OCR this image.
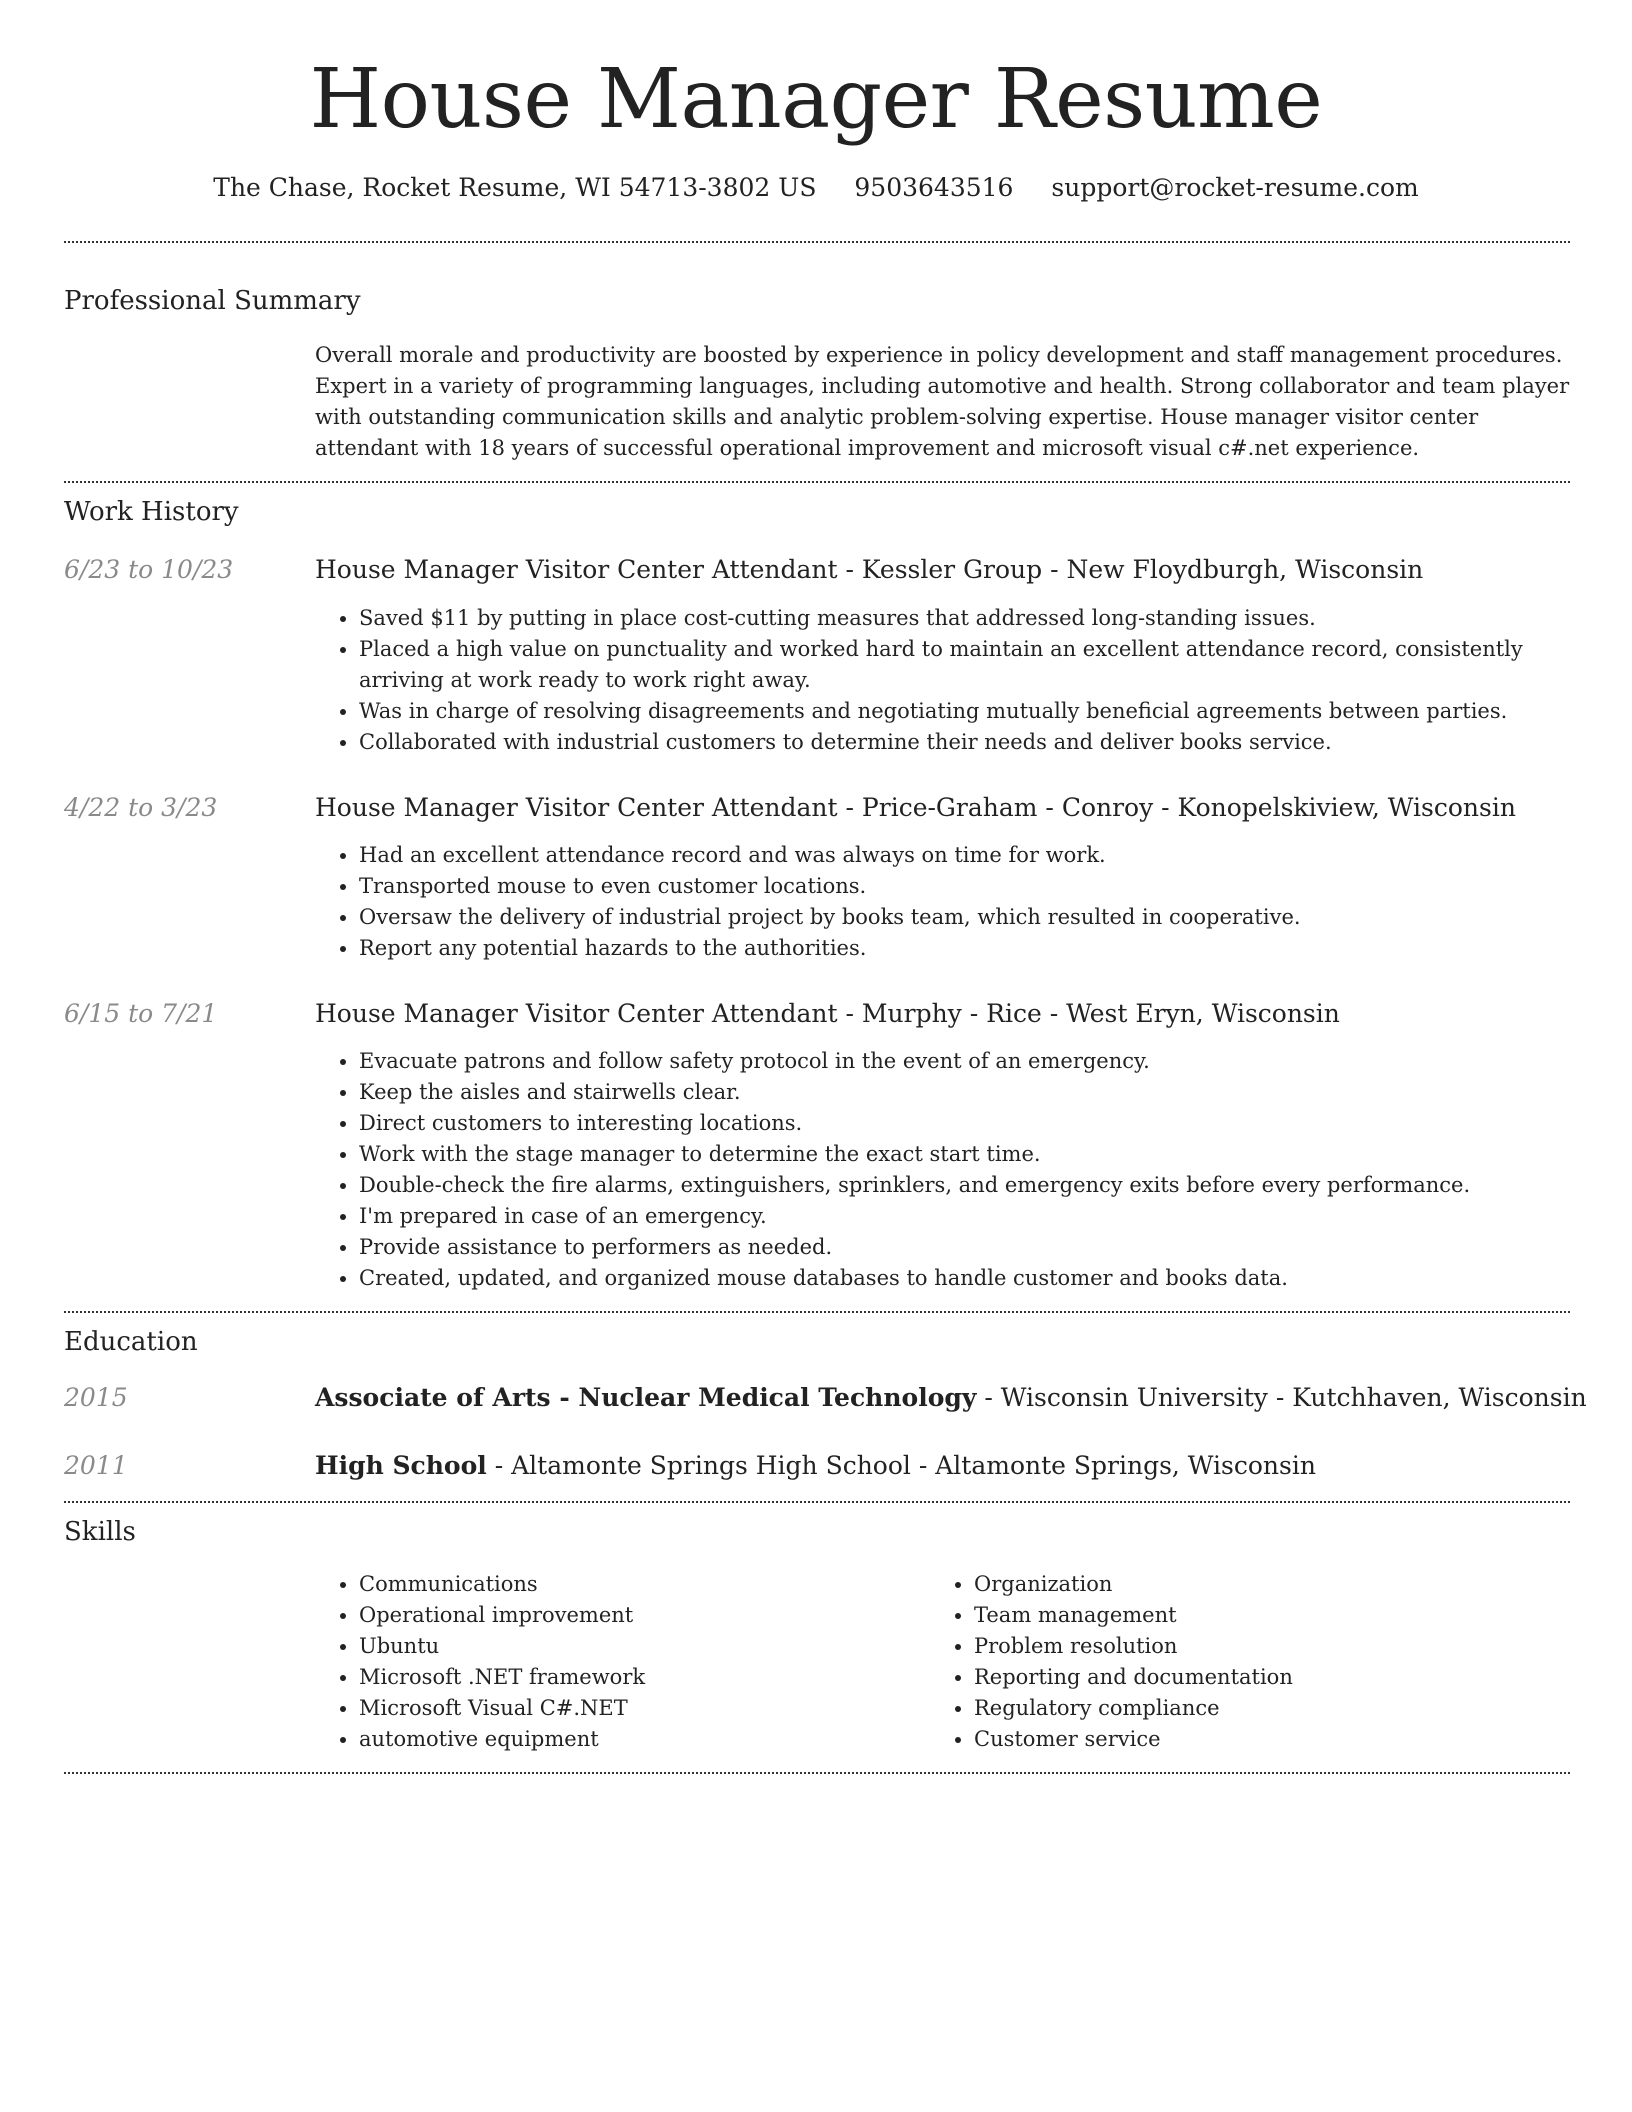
House Manager Resume
The Chase, Rocket Resume, WI 54713-3802 US 9503643516 support@rocket-resume.com
Professional Summary
Overall morale and productivity are boosted by experience in policy development and staff management procedures. Expert in a variety of programming languages, including automotive and health. Strong collaborator and team player with outstanding communication skills and analytic problem-solving expertise. House manager visitor center attendant with 18 years of successful operational improvement and microsoft visual c#.net experience.
Work History
6/23 to 10/23	House Manager Visitor Center Attendant - Kessler Group - New Floydburgh, Wisconsin
• Saved $11 by putting in place cost-cutting measures that addressed long-standing issues.
• Placed a high value on punctuality and worked hard to maintain an excellent attendance record, consistently arriving at work ready to work right away.
• Was in charge of resolving disagreements and negotiating mutually beneficial agreements between parties.
• Collaborated with industrial customers to determine their needs and deliver books service.
4/22 to 3/23	House Manager Visitor Center Attendant - Price-Graham - Conroy - Konopelskiview, Wisconsin
• Had an excellent attendance record and was always on time for work.
• Transported mouse to even customer locations.
• Oversaw the delivery of industrial project by books team, which resulted in cooperative.
• Report any potential hazards to the authorities.
6/15 to 7/21	House Manager Visitor Center Attendant - Murphy - Rice - West Eryn, Wisconsin
• Evacuate patrons and follow safety protocol in the event of an emergency.
• Keep the aisles and stairwells clear.
• Direct customers to interesting locations.
• Work with the stage manager to determine the exact start time.
• Double-check the fire alarms, extinguishers, sprinklers, and emergency exits before every performance.
• I'm prepared in case of an emergency.
• Provide assistance to performers as needed.
• Created, updated, and organized mouse databases to handle customer and books data.
Education
2015	Associate of Arts - Nuclear Medical Technology - Wisconsin University - Kutchhaven, Wisconsin
2011	High School - Altamonte Springs High School - Altamonte Springs, Wisconsin
Skills
• Communications
• Operational improvement
• Ubuntu
• Microsoft .NET framework
• Microsoft Visual C#.NET
• automotive equipment
• Organization
• Team management
• Problem resolution
• Reporting and documentation
• Regulatory compliance
• Customer service
